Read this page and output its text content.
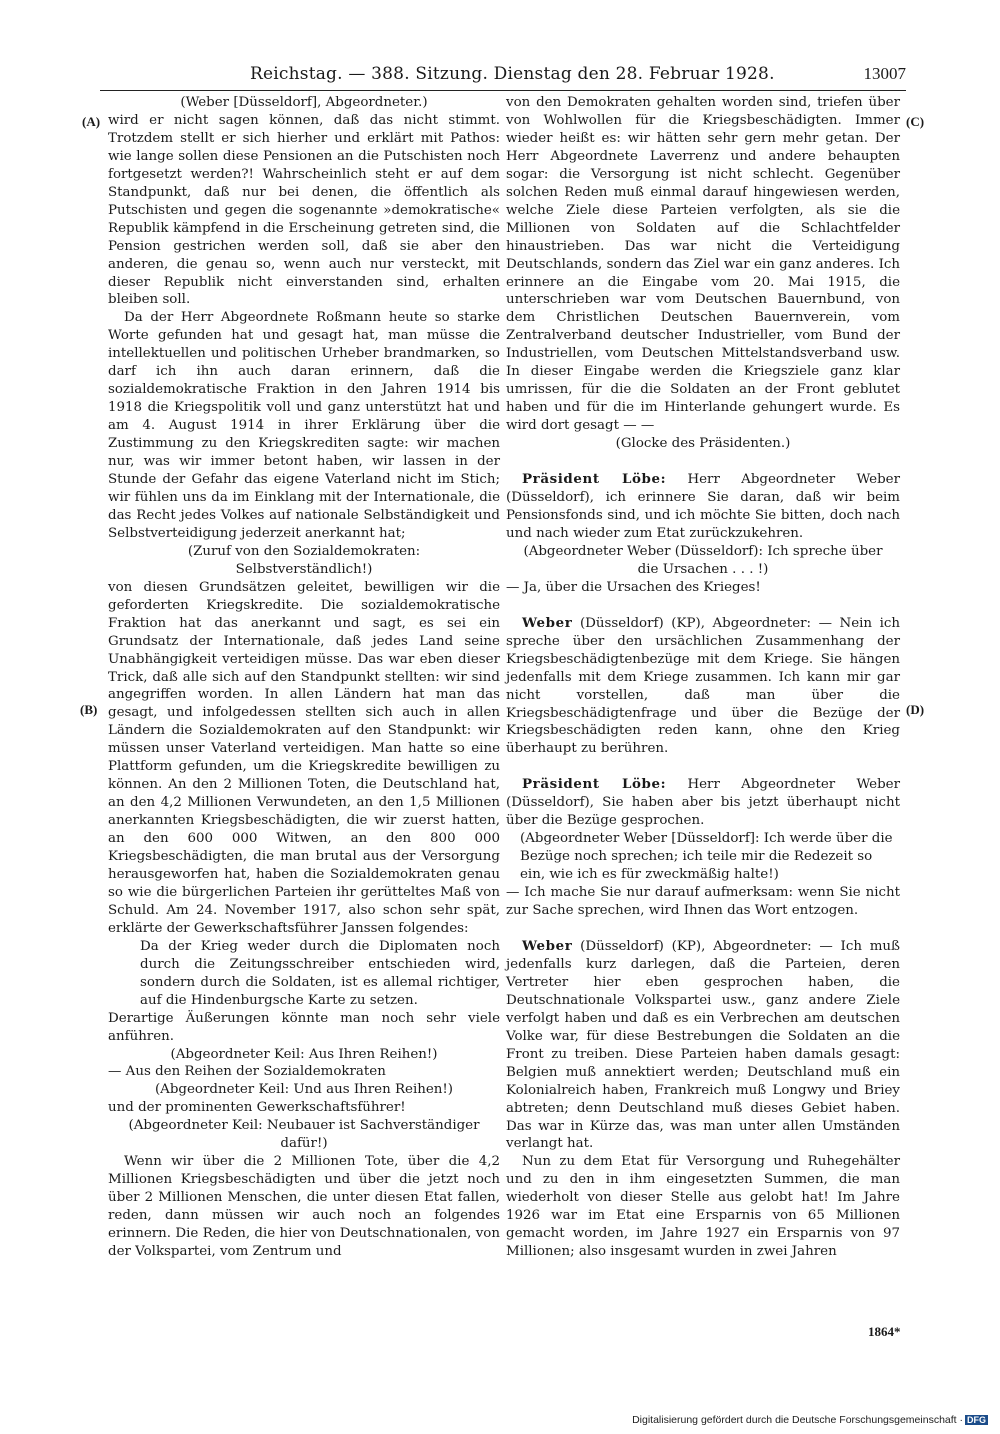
Reichstag. — 388. Sitzung. Dienstag den 28. Februar 1928.	13007
(A)
(B)
(C)
(D)

(Weber [Düsseldorf], Abgeordneter.)

wird er nicht sagen können, daß das nicht stimmt. Trotzdem stellt er sich hierher und erklärt mit Pathos: wie lange sollen diese Pensionen an die Putschisten noch fortgesetzt werden?! Wahrscheinlich steht er auf dem Standpunkt, daß nur bei denen, die öffentlich als Putschisten und gegen die sogenannte »demokratische« Republik kämpfend in die Erscheinung getreten sind, die Pension gestrichen werden soll, daß sie aber den anderen, die genau so, wenn auch nur versteckt, mit dieser Republik nicht einverstanden sind, erhalten bleiben soll.

Da der Herr Abgeordnete Roßmann heute so starke Worte gefunden hat und gesagt hat, man müsse die intellektuellen und politischen Urheber brandmarken, so darf ich ihn auch daran erinnern, daß die sozialdemokratische Fraktion in den Jahren 1914 bis 1918 die Kriegspolitik voll und ganz unterstützt hat und am 4. August 1914 in ihrer Erklärung über die Zustimmung zu den Kriegskrediten sagte: wir machen nur, was wir immer betont haben, wir lassen in der Stunde der Gefahr das eigene Vaterland nicht im Stich; wir fühlen uns da im Einklang mit der Internationale, die das Recht jedes Volkes auf nationale Selbständigkeit und Selbstverteidigung jederzeit anerkannt hat;

(Zuruf von den Sozialdemokraten: Selbstverständlich!)

von diesen Grundsätzen geleitet, bewilligen wir die geforderten Kriegskredite. Die sozialdemokratische Fraktion hat das anerkannt und sagt, es sei ein Grundsatz der Internationale, daß jedes Land seine Unabhängigkeit verteidigen müsse. Das war eben dieser Trick, daß alle sich auf den Standpunkt stellten: wir sind angegriffen worden. In allen Ländern hat man das gesagt, und infolgedessen stellten sich auch in allen Ländern die Sozialdemokraten auf den Standpunkt: wir müssen unser Vaterland verteidigen. Man hatte so eine Plattform gefunden, um die Kriegskredite bewilligen zu können. An den 2 Millionen Toten, die Deutschland hat, an den 4,2 Millionen Verwundeten, an den 1,5 Millionen anerkannten Kriegsbeschädigten, die wir zuerst hatten, an den 600 000 Witwen, an den 800 000 Kriegsbeschädigten, die man brutal aus der Versorgung herausgeworfen hat, haben die Sozialdemokraten genau so wie die bürgerlichen Parteien ihr gerütteltes Maß von Schuld. Am 24. November 1917, also schon sehr spät, erklärte der Gewerkschaftsführer Janssen folgendes:

Da der Krieg weder durch die Diplomaten noch durch die Zeitungsschreiber entschieden wird, sondern durch die Soldaten, ist es allemal richtiger, auf die Hindenburgsche Karte zu setzen.

Derartige Äußerungen könnte man noch sehr viele anführen.

(Abgeordneter Keil: Aus Ihren Reihen!)

— Aus den Reihen der Sozialdemokraten

(Abgeordneter Keil: Und aus Ihren Reihen!)

und der prominenten Gewerkschaftsführer!

(Abgeordneter Keil: Neubauer ist Sachverständiger dafür!)

Wenn wir über die 2 Millionen Tote, über die 4,2 Millionen Kriegsbeschädigten und über die jetzt noch über 2 Millionen Menschen, die unter diesen Etat fallen, reden, dann müssen wir auch noch an folgendes erinnern. Die Reden, die hier von Deutschnationalen, von der Volkspartei, vom Zentrum und

von den Demokraten gehalten worden sind, triefen über von Wohlwollen für die Kriegsbeschädigten. Immer wieder heißt es: wir hätten sehr gern mehr getan. Der Herr Abgeordnete Laverrenz und andere behaupten sogar: die Versorgung ist nicht schlecht. Gegenüber solchen Reden muß einmal darauf hingewiesen werden, welche Ziele diese Parteien verfolgten, als sie die Millionen von Soldaten auf die Schlachtfelder hinaustrieben. Das war nicht die Verteidigung Deutschlands, sondern das Ziel war ein ganz anderes. Ich erinnere an die Eingabe vom 20. Mai 1915, die unterschrieben war vom Deutschen Bauernbund, von dem Christlichen Deutschen Bauernverein, vom Zentralverband deutscher Industrieller, vom Bund der Industriellen, vom Deutschen Mittelstandsverband usw. In dieser Eingabe werden die Kriegsziele ganz klar umrissen, für die die Soldaten an der Front geblutet haben und für die im Hinterlande gehungert wurde. Es wird dort gesagt — —

(Glocke des Präsidenten.)

Präsident Löbe: Herr Abgeordneter Weber (Düsseldorf), ich erinnere Sie daran, daß wir beim Pensionsfonds sind, und ich möchte Sie bitten, doch nach und nach wieder zum Etat zurückzukehren.

(Abgeordneter Weber (Düsseldorf): Ich spreche über die Ursachen . . . !)

— Ja, über die Ursachen des Krieges!

Weber (Düsseldorf) (KP), Abgeordneter: — Nein ich spreche über den ursächlichen Zusammenhang der Kriegsbeschädigtenbezüge mit dem Kriege. Sie hängen jedenfalls mit dem Kriege zusammen. Ich kann mir gar nicht vorstellen, daß man über die Kriegsbeschädigtenfrage und über die Bezüge der Kriegsbeschädigten reden kann, ohne den Krieg überhaupt zu berühren.

Präsident Löbe: Herr Abgeordneter Weber (Düsseldorf), Sie haben aber bis jetzt überhaupt nicht über die Bezüge gesprochen.

(Abgeordneter Weber [Düsseldorf]: Ich werde über die Bezüge noch sprechen; ich teile mir die Redezeit so ein, wie ich es für zweckmäßig halte!)

— Ich mache Sie nur darauf aufmerksam: wenn Sie nicht zur Sache sprechen, wird Ihnen das Wort entzogen.

Weber (Düsseldorf) (KP), Abgeordneter: — Ich muß jedenfalls kurz darlegen, daß die Parteien, deren Vertreter hier eben gesprochen haben, die Deutschnationale Volkspartei usw., ganz andere Ziele verfolgt haben und daß es ein Verbrechen am deutschen Volke war, für diese Bestrebungen die Soldaten an die Front zu treiben. Diese Parteien haben damals gesagt: Belgien muß annektiert werden; Deutschland muß ein Kolonialreich haben, Frankreich muß Longwy und Briey abtreten; denn Deutschland muß dieses Gebiet haben. Das war in Kürze das, was man unter allen Umständen verlangt hat.

Nun zu dem Etat für Versorgung und Ruhegehälter und zu den in ihm eingesetzten Summen, die man wiederholt von dieser Stelle aus gelobt hat! Im Jahre 1926 war im Etat eine Ersparnis von 65 Millionen gemacht worden, im Jahre 1927 ein Ersparnis von 97 Millionen; also insgesamt wurden in zwei Jahren

1864*
Digitalisierung gefördert durch die Deutsche Forschungsgemeinschaft · DFG
